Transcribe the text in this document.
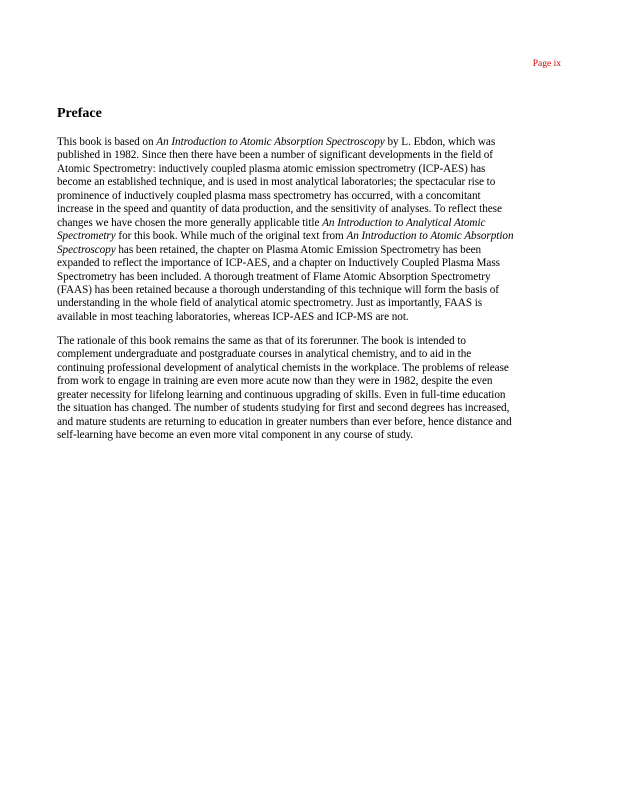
Page ix

Preface

This book is based on An Introduction to Atomic Absorption Spectroscopy by L. Ebdon, which was
published in 1982. Since then there have been a number of significant developments in the field of
Atomic Spectrometry: inductively coupled plasma atomic emission spectrometry (ICP-AES) has
become an established technique, and is used in most analytical laboratories; the spectacular rise to
prominence of inductively coupled plasma mass spectrometry has occurred, with a concomitant
increase in the speed and quantity of data production, and the sensitivity of analyses. To reflect these
changes we have chosen the more generally applicable title An Introduction to Analytical Atomic
Spectrometry for this book. While much of the original text from An Introduction to Atomic Absorption
Spectroscopy has been retained, the chapter on Plasma Atomic Emission Spectrometry has been
expanded to reflect the importance of ICP-AES, and a chapter on Inductively Coupled Plasma Mass
Spectrometry has been included. A thorough treatment of Flame Atomic Absorption Spectrometry
(FAAS) has been retained because a thorough understanding of this technique will form the basis of
understanding in the whole field of analytical atomic spectrometry. Just as importantly, FAAS is
available in most teaching laboratories, whereas ICP-AES and ICP-MS are not.

The rationale of this book remains the same as that of its forerunner. The book is intended to
complement undergraduate and postgraduate courses in analytical chemistry, and to aid in the
continuing professional development of analytical chemists in the workplace. The problems of release
from work to engage in training are even more acute now than they were in 1982, despite the even
greater necessity for lifelong learning and continuous upgrading of skills. Even in full-time education
the situation has changed. The number of students studying for first and second degrees has increased,
and mature students are returning to education in greater numbers than ever before, hence distance and
self-learning have become an even more vital component in any course of study.
